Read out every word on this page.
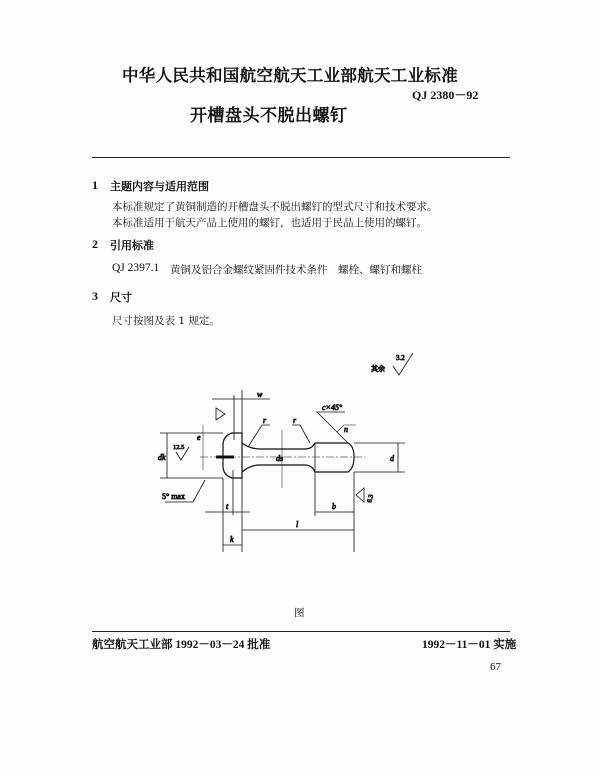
中华人民共和国航空航天工业部航天工业标准
QJ 2380－92
开槽盘头不脱出螺钉
1 主题内容与适用范围
本标准规定了黄铜制造的开槽盘头不脱出螺钉的型式尺寸和技术要求。
本标准适用于航天产品上使用的螺钉，也适用于民品上使用的螺钉。
2 引用标准
QJ 2397.1 黄铜及铝合金螺纹紧固件技术条件　螺栓、螺钉和螺柱
3 尺寸
尺寸按图及表 1 规定。
其余
3.2
dk	d
ds
l
b
k
t
w
e
r	r
c×45°
n
5° max
12.5
6.3
图
航空航天工业部 1992－03－24 批准	1992－11－01 实施
67
